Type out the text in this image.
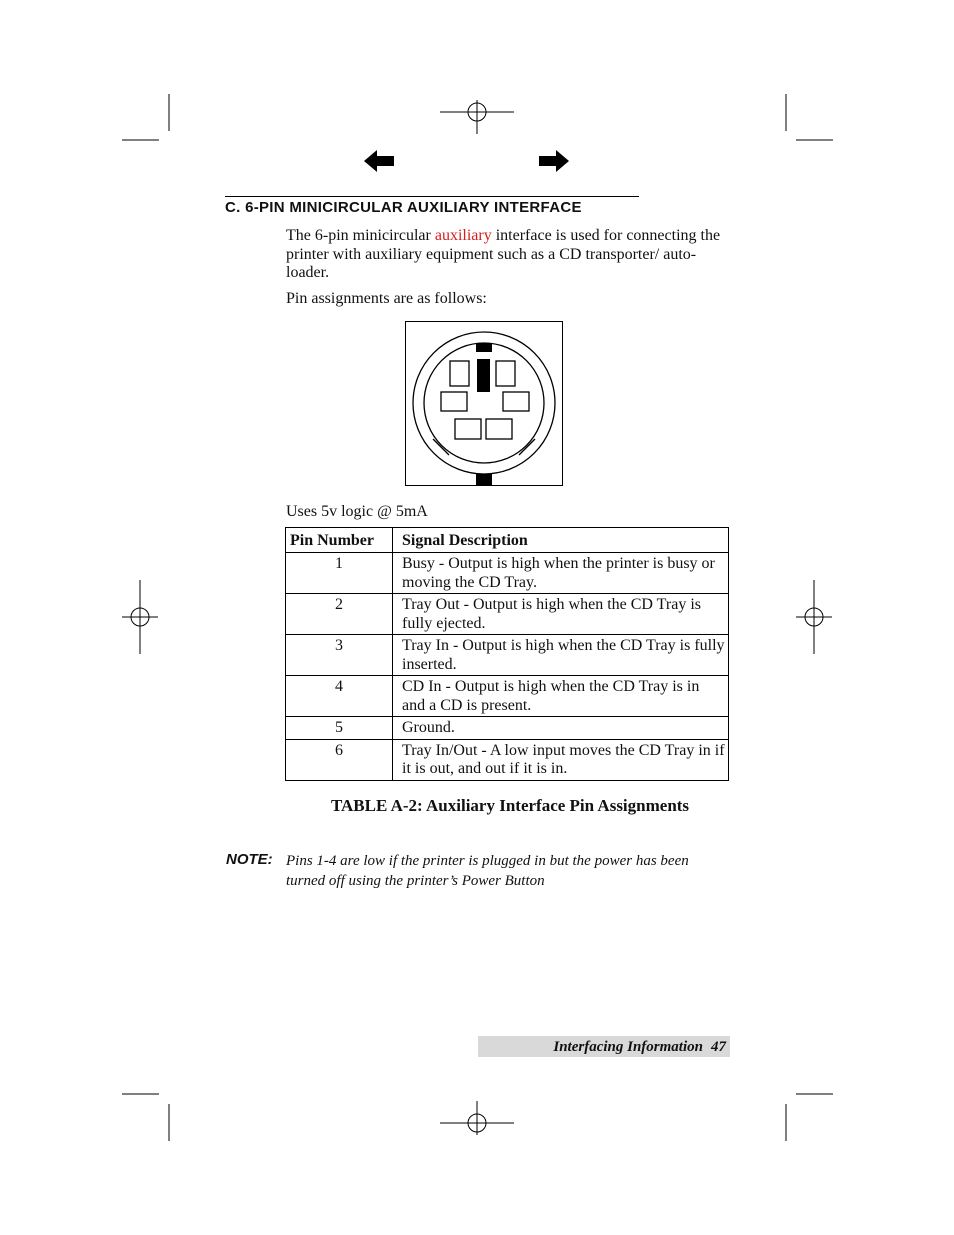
C. 6-PIN MINICIRCULAR AUXILIARY INTERFACE
The 6-pin minicircular auxiliary interface is used for connecting the printer with auxiliary equipment such as a CD transporter/ auto-loader.
Pin assignments are as follows:
Uses 5v logic @ 5mA
Pin Number	Signal Description
1	Busy - Output is high when the printer is busy or moving the CD Tray.
2	Tray Out - Output is high when the CD Tray is fully ejected.
3	Tray In - Output is high when the CD Tray is fully inserted.
4	CD In - Output is high when the CD Tray is in and a CD is present.
5	Ground.
6	Tray In/Out - A low input moves the CD Tray in if it is out, and out if it is in.
TABLE A-2: Auxiliary Interface Pin Assignments
NOTE: Pins 1-4 are low if the printer is plugged in but the power has been turned off using the printer’s Power Button
Interfacing Information 47
